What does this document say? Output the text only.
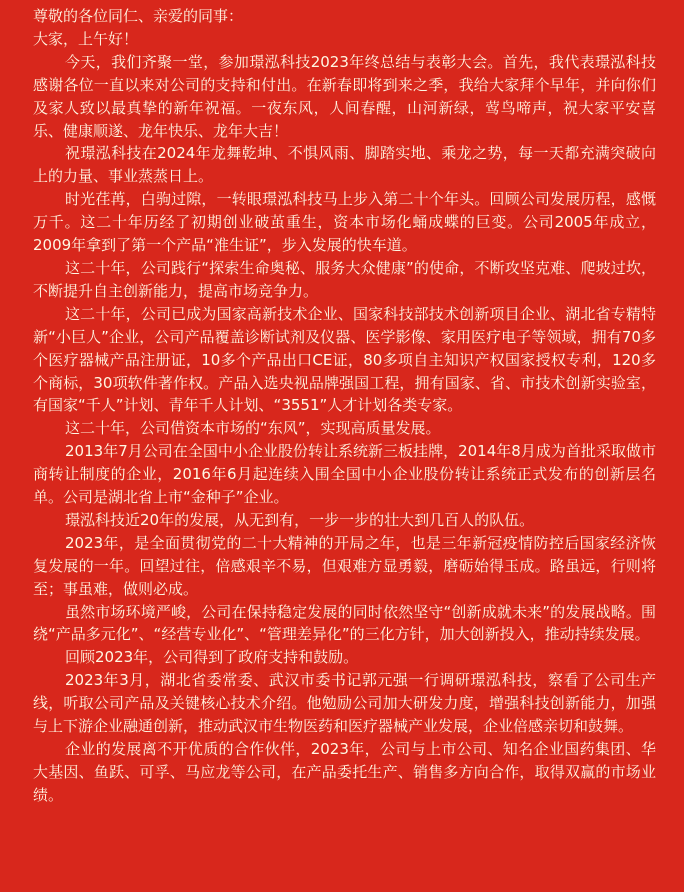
尊敬的各位同仁、亲爱的同事：

大家，上午好！

今天，我们齐聚一堂，参加璟泓科技2023年终总结与表彰大会。首先，我代表璟泓科技感谢各位一直以来对公司的支持和付出。在新春即将到来之季，我给大家拜个早年，并向你们及家人致以最真挚的新年祝福。一夜东风，人间春醒，山河新绿，莺鸟啼声，祝大家平安喜乐、健康顺遂、龙年快乐、龙年大吉！

祝璟泓科技在2024年龙舞乾坤、不惧风雨、脚踏实地、乘龙之势，每一天都充满突破向上的力量、事业蒸蒸日上。

时光荏苒，白驹过隙，一转眼璟泓科技马上步入第二十个年头。回顾公司发展历程，感慨万千。这二十年历经了初期创业破茧重生，资本市场化蛹成蝶的巨变。公司2005年成立，2009年拿到了第一个产品“准生证”，步入发展的快车道。

这二十年，公司践行“探索生命奥秘、服务大众健康”的使命，不断攻坚克难、爬坡过坎，不断提升自主创新能力，提高市场竞争力。

这二十年，公司已成为国家高新技术企业、国家科技部技术创新项目企业、湖北省专精特新“小巨人”企业，公司产品覆盖诊断试剂及仪器、医学影像、家用医疗电子等领域，拥有70多个医疗器械产品注册证，10多个产品出口CE证，80多项自主知识产权国家授权专利，120多个商标，30项软件著作权。产品入选央视品牌强国工程，拥有国家、省、市技术创新实验室，有国家“千人”计划、青年千人计划、“3551”人才计划各类专家。

这二十年，公司借资本市场的“东风”，实现高质量发展。

2013年7月公司在全国中小企业股份转让系统新三板挂牌，2014年8月成为首批采取做市商转让制度的企业，2016年6月起连续入围全国中小企业股份转让系统正式发布的创新层名单。公司是湖北省上市“金种子”企业。

璟泓科技近20年的发展，从无到有，一步一步的壮大到几百人的队伍。

2023年，是全面贯彻党的二十大精神的开局之年，也是三年新冠疫情防控后国家经济恢复发展的一年。回望过往，倍感艰辛不易，但艰难方显勇毅，磨砺始得玉成。路虽远，行则将至；事虽难，做则必成。

虽然市场环境严峻，公司在保持稳定发展的同时依然坚守“创新成就未来”的发展战略。围绕“产品多元化”、“经营专业化”、“管理差异化”的三化方针，加大创新投入，推动持续发展。

回顾2023年，公司得到了政府支持和鼓励。

2023年3月，湖北省委常委、武汉市委书记郭元强一行调研璟泓科技，察看了公司生产线，听取公司产品及关键核心技术介绍。他勉励公司加大研发力度，增强科技创新能力，加强与上下游企业融通创新，推动武汉市生物医药和医疗器械产业发展，企业倍感亲切和鼓舞。

企业的发展离不开优质的合作伙伴，2023年，公司与上市公司、知名企业国药集团、华大基因、鱼跃、可孚、马应龙等公司，在产品委托生产、销售多方向合作，取得双赢的市场业绩。
